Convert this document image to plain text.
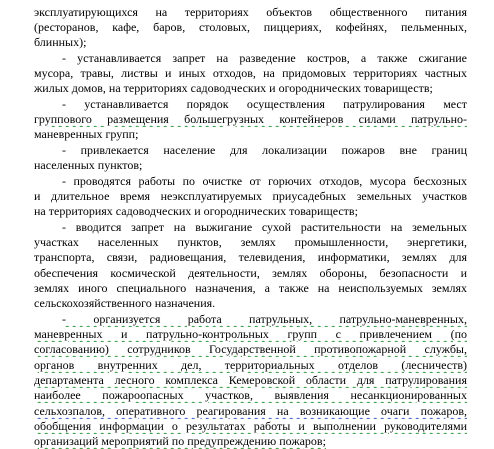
эксплуатирующихся на территориях объектов общественного питания
(ресторанов, кафе, баров, столовых, пиццериях, кофейнях, пельменных,
блинных);
- устанавливается запрет на разведение костров, а также сжигание
мусора, травы, листвы и иных отходов, на придомовых территориях частных
жилых домов, на территориях садоводческих и огороднических товариществ;
- устанавливается порядок осуществления патрулирования мест
группового размещения большегрузных контейнеров силами патрульно-
маневренных групп;
- привлекается население для локализации пожаров вне границ
населенных пунктов;
- проводятся работы по очистке от горючих отходов, мусора бесхозных
и длительное время неэксплуатируемых приусадебных земельных участков
на территориях садоводческих и огороднических товариществ;
- вводится запрет на выжигание сухой растительности на земельных
участках населенных пунктов, землях промышленности, энергетики,
транспорта, связи, радиовещания, телевидения, информатики, землях для
обеспечения космической деятельности, землях обороны, безопасности и
землях иного специального назначения, а также на неиспользуемых землях
сельскохозяйственного назначения.
- организуется работа патрульных, патрульно-маневренных,
маневренных и патрульно-контрольных групп с привлечением (по
согласованию) сотрудников Государственной противопожарной службы,
органов внутренних дел, территориальных отделов (лесничеств)
департамента лесного комплекса Кемеровской области для патрулирования
наиболее пожароопасных участков, выявления несанкционированных
сельхозпалов, оперативного реагирования на возникающие очаги пожаров,
обобщения информации о результатах работы и выполнении руководителями
организаций мероприятий по предупреждению пожаров;
